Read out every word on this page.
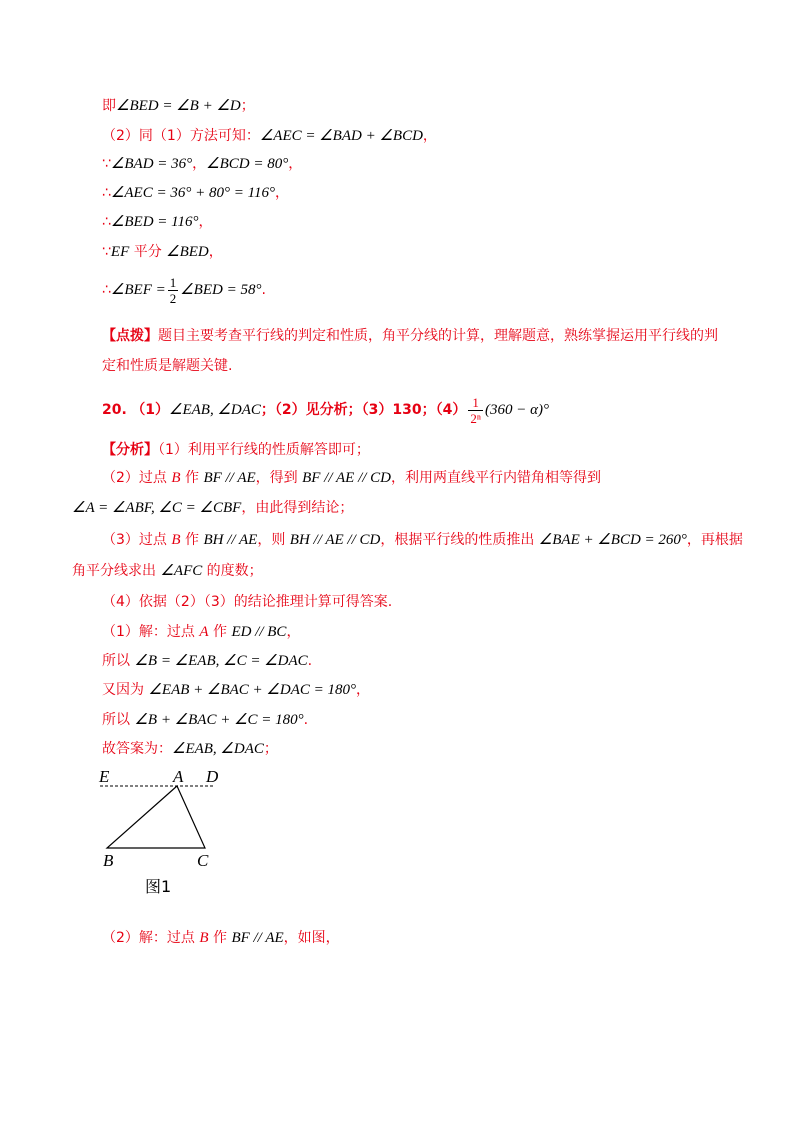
即∠BED = ∠B + ∠D；
（2）同（1）方法可知：∠AEC = ∠BAD + ∠BCD，
∵∠BAD = 36°，∠BCD = 80°，
∴∠AEC = 36° + 80° = 116°，
∴∠BED = 116°，
∵EF 平分 ∠BED，
∴∠BEF = $\frac{1}{2}$ ∠BED = 58°.
【点拨】题目主要考查平行线的判定和性质，角平分线的计算，理解题意，熟练掌握运用平行线的判
定和性质是解题关键.
20. （1）∠EAB, ∠DAC；（2）见分析；（3）130；$(4) \frac{1}{\text{2ⁿ}} (360 - \alpha)^\circ$
【分析】（1）利用平行线的性质解答即可；
（2）过点 B 作 BF // AE，得到 BF // AE // CD，利用两直线平行内错角相等得到
∠A = ∠ABF, ∠C = ∠CBF，由此得到结论；
（3）过点 B 作 BH // AE，则 BH // AE // CD，根据平行线的性质推出 ∠BAE + ∠BCD = 260°，再根据
角平分线求出 ∠AFC 的度数；
（4）依据（2）（3）的结论推理计算可得答案.
（1）解：过点 A 作 ED // BC，
所以 ∠B = ∠EAB, ∠C = ∠DAC.
又因为 ∠EAB + ∠BAC + ∠DAC = 180°，
所以 ∠B + ∠BAC + ∠C = 180°.
故答案为：∠EAB, ∠DAC；
E	A D
B	C
图1
（2）解：过点 B 作 BF // AE，如图，
